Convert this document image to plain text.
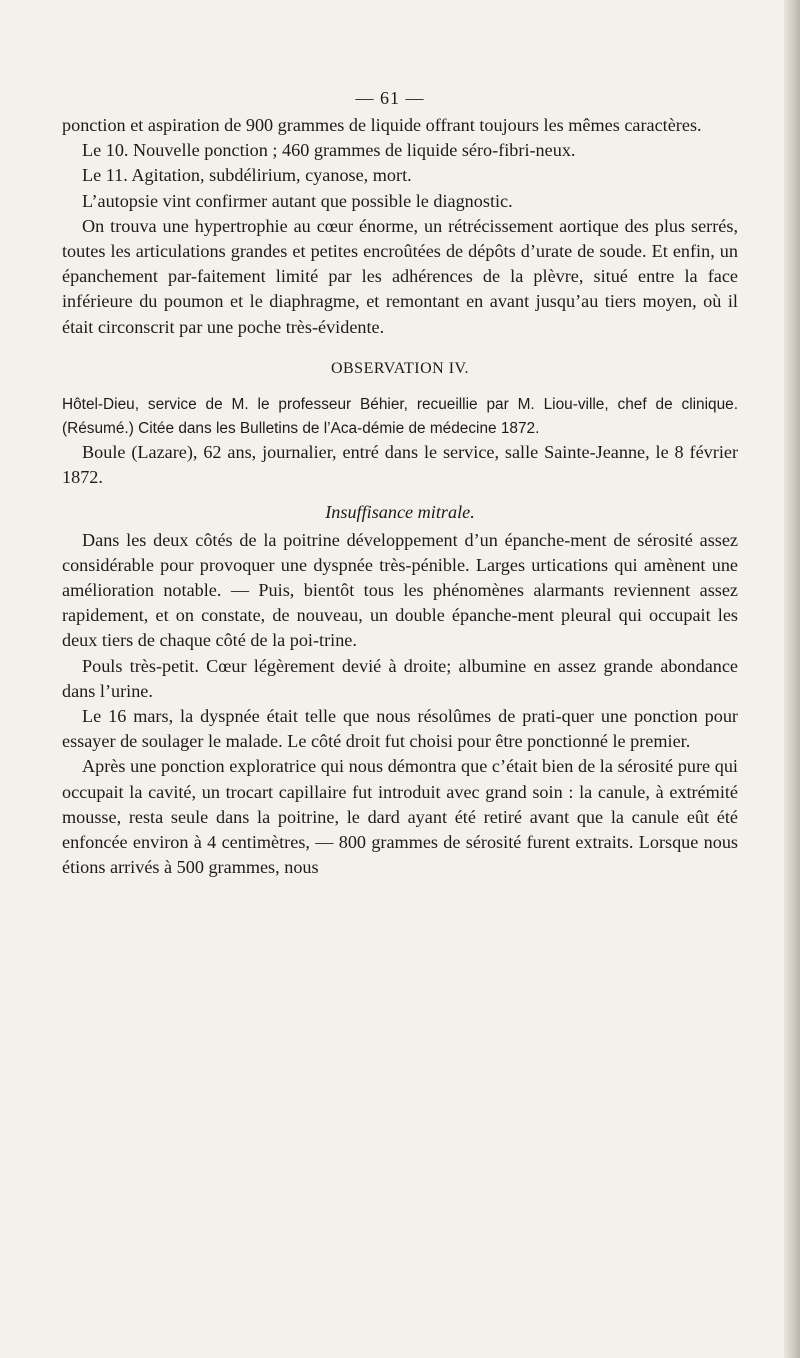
— 61 —

ponction et aspiration de 900 grammes de liquide offrant toujours les mêmes caractères.

Le 10. Nouvelle ponction ; 460 grammes de liquide séro-fibri-neux.

Le 11. Agitation, subdélirium, cyanose, mort.

L’autopsie vint confirmer autant que possible le diagnostic.

On trouva une hypertrophie au cœur énorme, un rétrécissement aortique des plus serrés, toutes les articulations grandes et petites encroûtées de dépôts d’urate de soude. Et enfin, un épanchement par-faitement limité par les adhérences de la plèvre, situé entre la face inférieure du poumon et le diaphragme, et remontant en avant jusqu’au tiers moyen, où il était circonscrit par une poche très-évidente.

OBSERVATION IV.

Hôtel-Dieu, service de M. le professeur Béhier, recueillie par M. Liou-ville, chef de clinique. (Résumé.) Citée dans les Bulletins de l’Aca-démie de médecine 1872.

Boule (Lazare), 62 ans, journalier, entré dans le service, salle Sainte-Jeanne, le 8 février 1872.

Insuffisance mitrale.

Dans les deux côtés de la poitrine développement d’un épanche-ment de sérosité assez considérable pour provoquer une dyspnée très-pénible. Larges urtications qui amènent une amélioration notable. — Puis, bientôt tous les phénomènes alarmants reviennent assez rapidement, et on constate, de nouveau, un double épanche-ment pleural qui occupait les deux tiers de chaque côté de la poi-trine.

Pouls très-petit. Cœur légèrement devié à droite; albumine en assez grande abondance dans l’urine.

Le 16 mars, la dyspnée était telle que nous résolûmes de prati-quer une ponction pour essayer de soulager le malade. Le côté droit fut choisi pour être ponctionné le premier.

Après une ponction exploratrice qui nous démontra que c’était bien de la sérosité pure qui occupait la cavité, un trocart capillaire fut introduit avec grand soin : la canule, à extrémité mousse, resta seule dans la poitrine, le dard ayant été retiré avant que la canule eût été enfoncée environ à 4 centimètres, — 800 grammes de sérosité furent extraits. Lorsque nous étions arrivés à 500 grammes, nous
